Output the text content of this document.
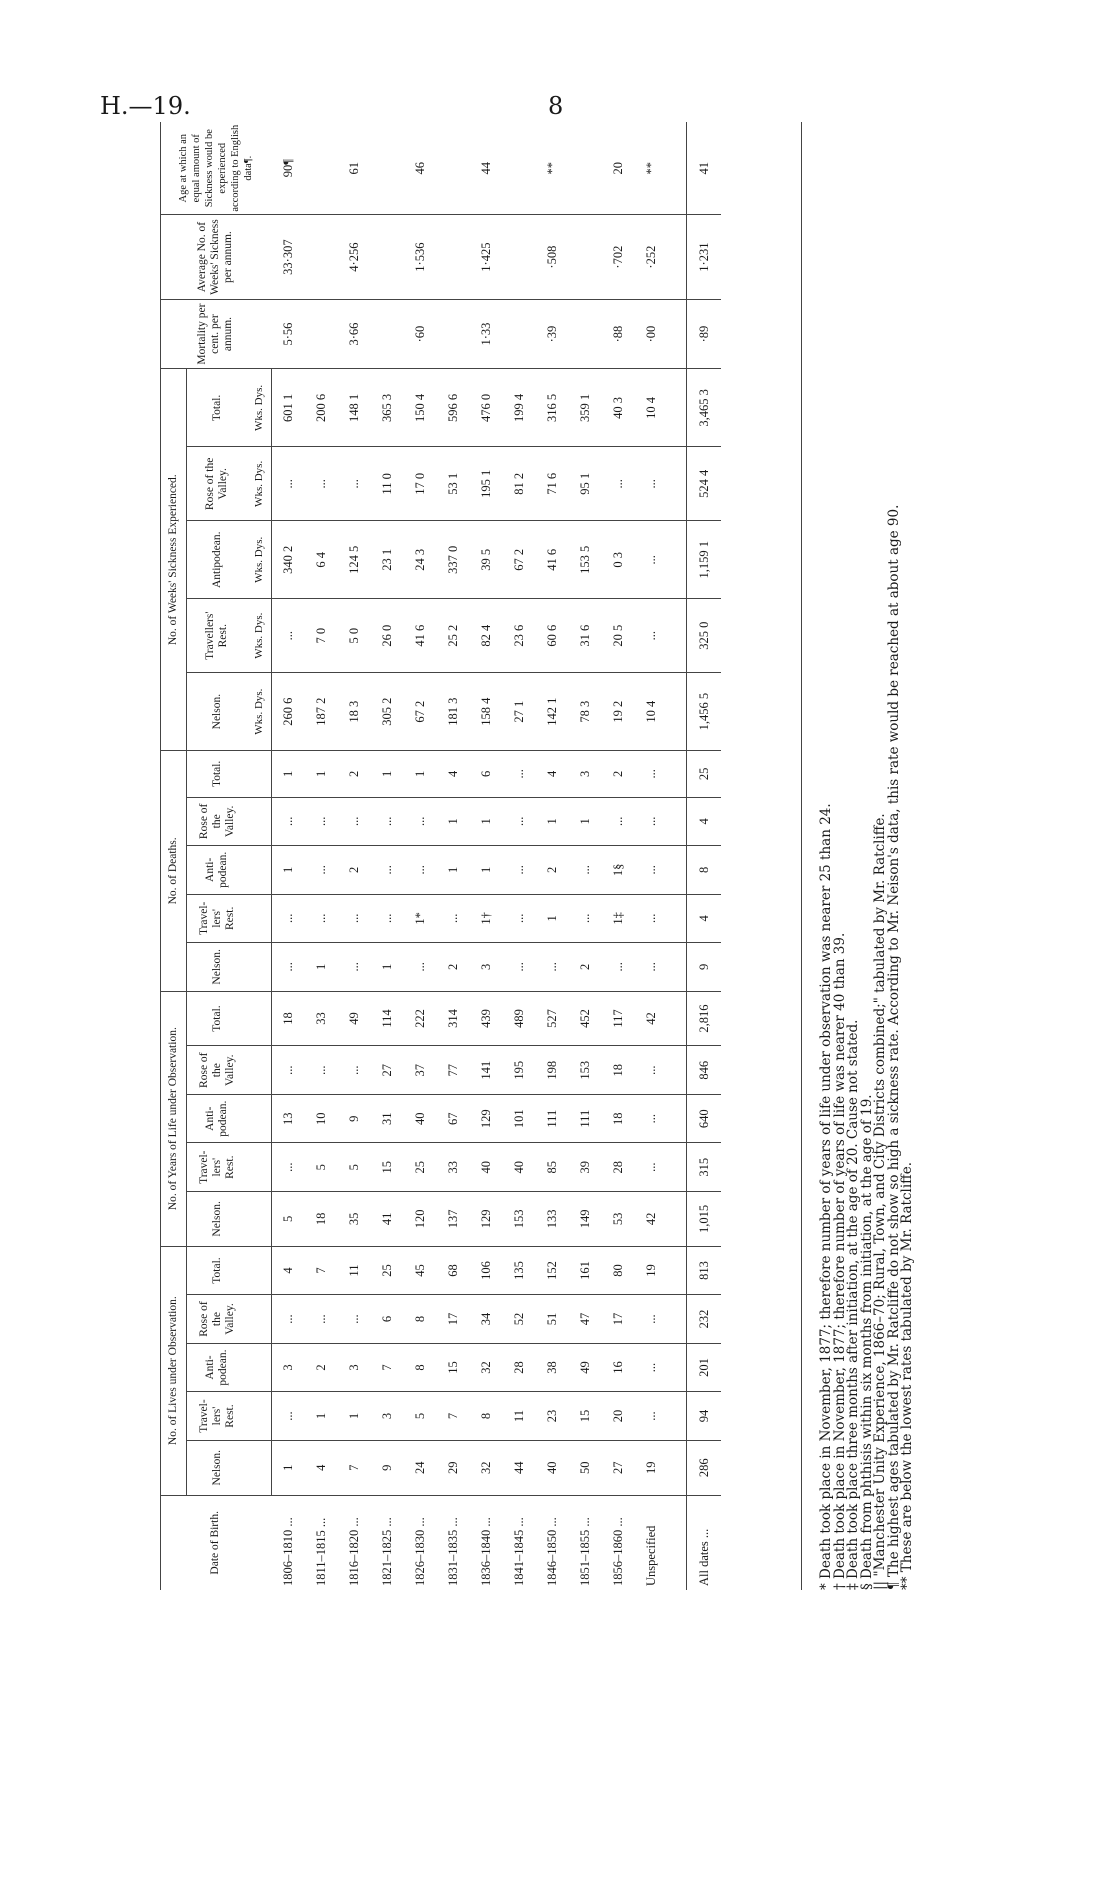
H.—19.	8
Date of Birth.	No. of Lives under Observation.					No. of Years of Life under Observation.					No. of Deaths.					No. of Weeks' Sickness Experienced.					Mortality per cent. per annum.	Average No. of Weeks' Sickness per annum.	Age at which an equal amount of Sickness would be experienced according to English data¶.
	Nelson.	Travel-lers' Rest.	Anti-podean.	Rose of the Valley.	Total.	Nelson.	Travel-lers' Rest.	Anti-podean.	Rose of the Valley.	Total.	Nelson.	Travel-lers' Rest.	Anti-podean.	Rose of the Valley.	Total.	Nelson.	Travellers' Rest.	Antipodean.	Rose of the Valley.	Total.			
																Wks. Dys.	Wks. Dys.	Wks. Dys.	Wks. Dys.	Wks. Dys.			
1806–1810 ...	1	...	3	...	4	5	...	13	...	18	...	...	1	...	1	260 6	...	340 2	...	601 1	5·56	33·307	90¶
1811–1815 ...	4	1	2	...	7	18	5	10	...	33	1	...	...	...	1	187 2	7 0	6 4	...	200 6			
1816–1820 ...	7	1	3	...	11	35	5	9	...	49	...	...	2	...	2	18 3	5 0	124 5	...	148 1	3·66	4·256	61
1821–1825 ...	9	3	7	6	25	41	15	31	27	114	1	...	...	...	1	305 2	26 0	23 1	11 0	365 3			
1826–1830 ...	24	5	8	8	45	120	25	40	37	222	...	1*	...	...	1	67 2	41 6	24 3	17 0	150 4	·60	1·536	46
1831–1835 ...	29	7	15	17	68	137	33	67	77	314	2	...	1	1	4	181 3	25 2	337 0	53 1	596 6			
1836–1840 ...	32	8	32	34	106	129	40	129	141	439	3	1†	1	1	6	158 4	82 4	39 5	195 1	476 0	1·33	1·425	44
1841–1845 ...	44	11	28	52	135	153	40	101	195	489	...	...	...	...	...	27 1	23 6	67 2	81 2	199 4			
1846–1850 ...	40	23	38	51	152	133	85	111	198	527	...	1	2	1	4	142 1	60 6	41 6	71 6	316 5	·39	·508	**
1851–1855 ...	50	15	49	47	161	149	39	111	153	452	2	...	...	1	3	78 3	31 6	153 5	95 1	359 1			
1856–1860 ...	27	20	16	17	80	53	28	18	18	117	...	1‡	1§	...	2	19 2	20 5	0 3	...	40 3	·88	·702	20
Unspecified	19	...	...	...	19	42	...	...	...	42	...	...	...	...	...	10 4	...	...	...	10 4	·00	·252	**

All dates ...	286	94	201	232	813	1,015	315	640	846	2,816	9	4	8	4	25	1,456 5	325 0	1,159 1	524 4	3,465 3	·89	1·231	41
* Death took place in November, 1877; therefore number of years of life under observation was nearer 25 than 24.
† Death took place in November, 1877; therefore number of years of life was nearer 40 than 39.
‡ Death took place three months after initiation, at the age of 20. Cause not stated.
§ Death from phthisis within six months from initiation, at the age of 19.
|| "Manchester Unity Experience, 1866–70; Rural, Town, and City Districts combined;" tabulated by Mr. Ratcliffe.
¶ The highest ages tabulated by Mr. Ratcliffe do not show so high a sickness rate. According to Mr. Neison's data, this rate would be reached at about age 90.
** These are below the lowest rates tabulated by Mr. Ratcliffe.
